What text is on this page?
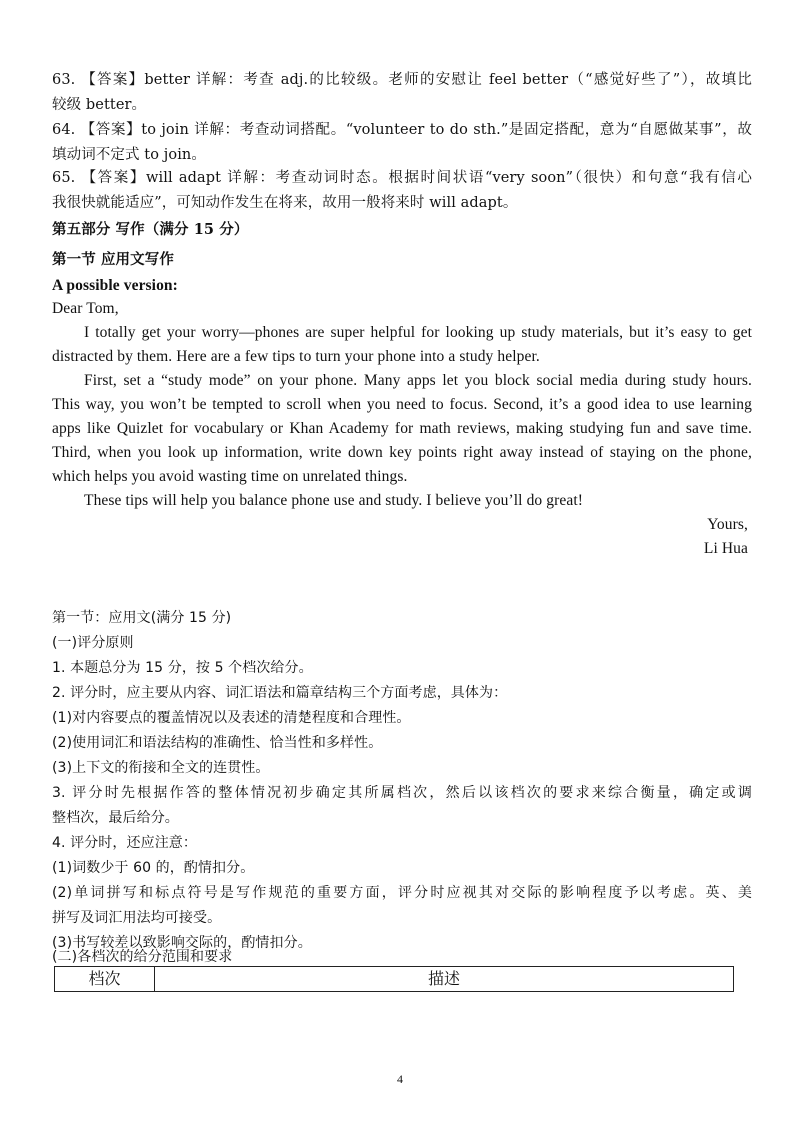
63. 【答案】better 详解：考查 adj.的比较级。老师的安慰让 feel better（“感觉好些了”），故填比
较级 better。
64. 【答案】to join 详解：考查动词搭配。“volunteer to do sth.”是固定搭配，意为“自愿做某事”，故
填动词不定式 to join。
65. 【答案】will adapt 详解：考查动词时态。根据时间状语“very soon”（很快）和句意“我有信心
我很快就能适应”，可知动作发生在将来，故用一般将来时 will adapt。
第五部分 写作（满分 15 分）
第一节 应用文写作
A possible version:
Dear Tom,
I totally get your worry—phones are super helpful for looking up study materials, but it’s easy to get
distracted by them. Here are a few tips to turn your phone into a study helper.
First, set a “study mode” on your phone. Many apps let you block social media during study hours.
This way, you won’t be tempted to scroll when you need to focus. Second, it’s a good idea to use learning
apps like Quizlet for vocabulary or Khan Academy for math reviews, making studying fun and save time.
Third, when you look up information, write down key points right away instead of staying on the phone,
which helps you avoid wasting time on unrelated things.
These tips will help you balance phone use and study. I believe you’ll do great!
Yours,
Li Hua
第一节：应用文(满分 15 分)
(一)评分原则
1. 本题总分为 15 分，按 5 个档次给分。
2. 评分时，应主要从内容、词汇语法和篇章结构三个方面考虑，具体为：
(1)对内容要点的覆盖情况以及表述的清楚程度和合理性。
(2)使用词汇和语法结构的准确性、恰当性和多样性。
(3)上下文的衔接和全文的连贯性。
3. 评分时先根据作答的整体情况初步确定其所属档次，然后以该档次的要求来综合衡量，确定或调
整档次，最后给分。
4. 评分时，还应注意：
(1)词数少于 60 的，酌情扣分。
(2)单词拼写和标点符号是写作规范的重要方面，评分时应视其对交际的影响程度予以考虑。英、美
拼写及词汇用法均可接受。
(3)书写较差以致影响交际的，酌情扣分。
(二)各档次的给分范围和要求
档次	描述
4
